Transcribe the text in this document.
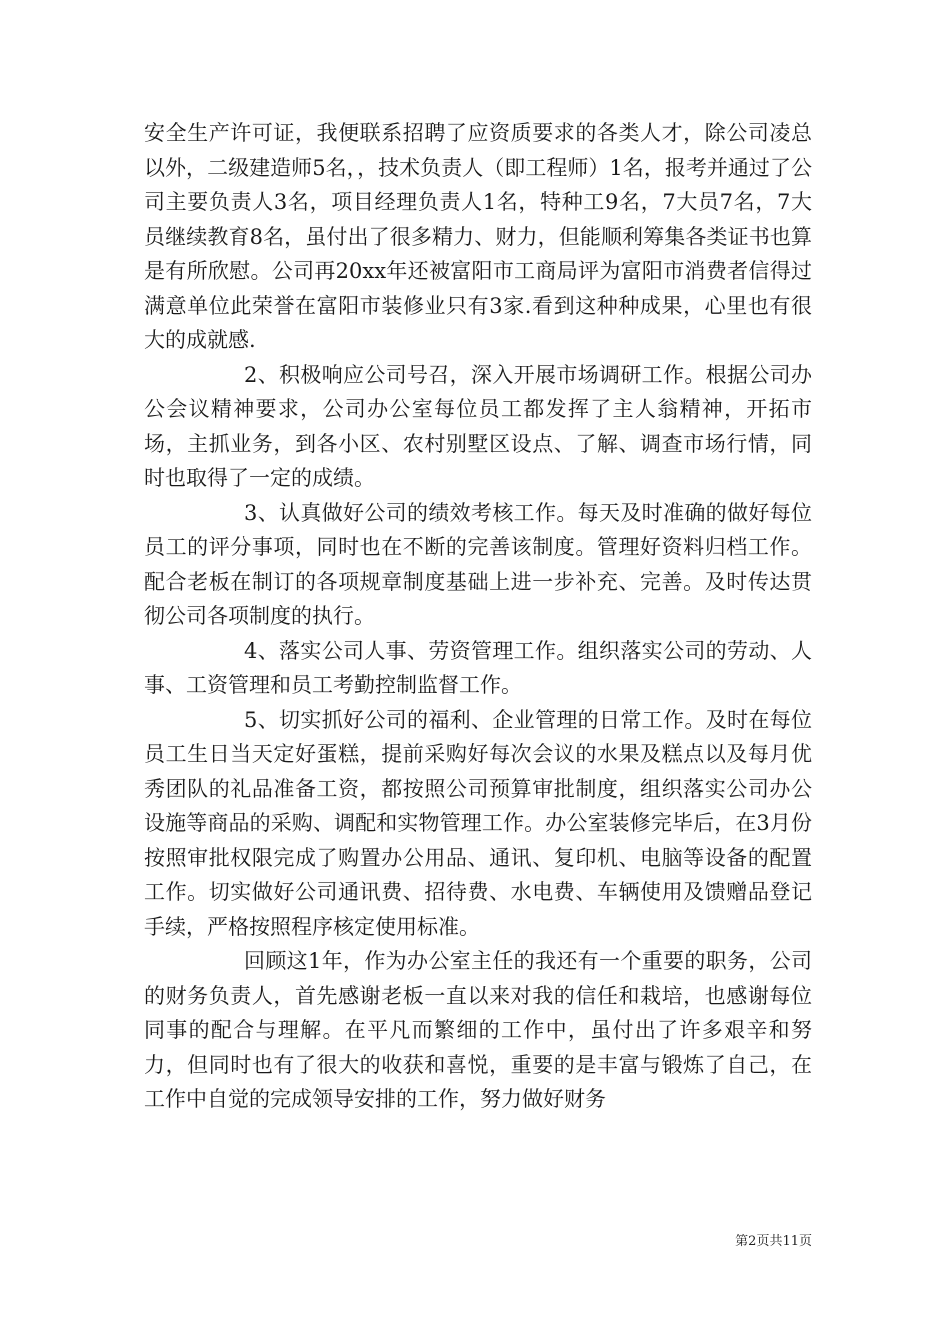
安全生产许可证，我便联系招聘了应资质要求的各类人才，除公司凌总以外，二级建造师5名，，技术负责人（即工程师）1名，报考并通过了公司主要负责人3名，项目经理负责人1名，特种工9名，7大员7名，7大员继续教育8名，虽付出了很多精力、财力，但能顺利筹集各类证书也算是有所欣慰。公司再20xx年还被富阳市工商局评为富阳市消费者信得过满意单位此荣誉在富阳市装修业只有3家.看到这种种成果，心里也有很大的成就感.

2、积极响应公司号召，深入开展市场调研工作。根据公司办公会议精神要求，公司办公室每位员工都发挥了主人翁精神，开拓市场，主抓业务，到各小区、农村别墅区设点、了解、调查市场行情，同时也取得了一定的成绩。

3、认真做好公司的绩效考核工作。每天及时准确的做好每位员工的评分事项，同时也在不断的完善该制度。管理好资料归档工作。配合老板在制订的各项规章制度基础上进一步补充、完善。及时传达贯彻公司各项制度的执行。

4、落实公司人事、劳资管理工作。组织落实公司的劳动、人事、工资管理和员工考勤控制监督工作。

5、切实抓好公司的福利、企业管理的日常工作。及时在每位员工生日当天定好蛋糕，提前采购好每次会议的水果及糕点以及每月优秀团队的礼品准备工资，都按照公司预算审批制度，组织落实公司办公设施等商品的采购、调配和实物管理工作。办公室装修完毕后，在3月份按照审批权限完成了购置办公用品、通讯、复印机、电脑等设备的配置工作。切实做好公司通讯费、招待费、水电费、车辆使用及馈赠品登记手续，严格按照程序核定使用标准。

回顾这1年，作为办公室主任的我还有一个重要的职务，公司的财务负责人，首先感谢老板一直以来对我的信任和栽培，也感谢每位同事的配合与理解。在平凡而繁细的工作中，虽付出了许多艰辛和努力，但同时也有了很大的收获和喜悦，重要的是丰富与锻炼了自己，在工作中自觉的完成领导安排的工作，努力做好财务

第2页共11页
